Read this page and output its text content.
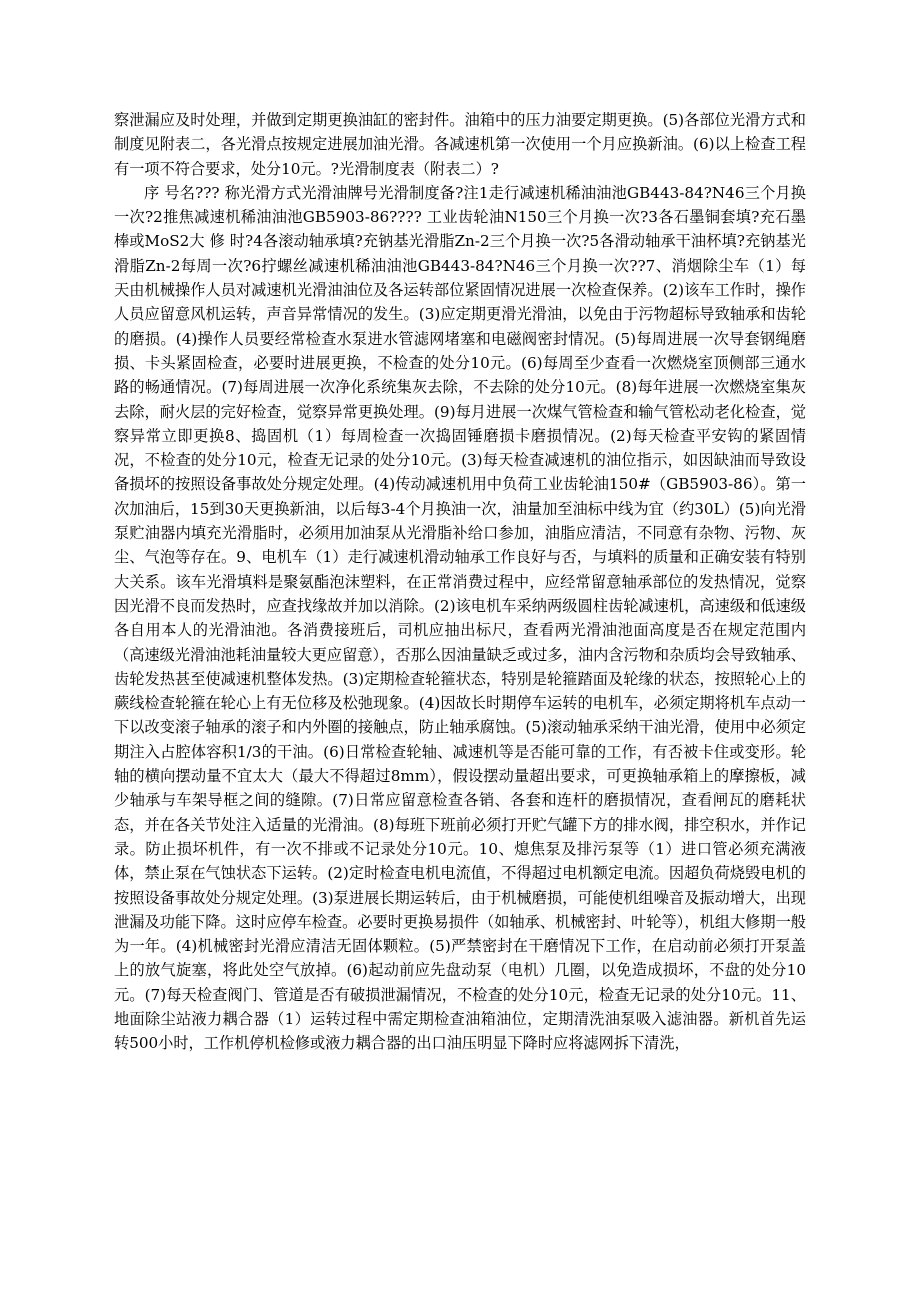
察泄漏应及时处理，并做到定期更换油缸的密封件。油箱中的压力油要定期更换。(5)各部位光滑方式和制度见附表二，各光滑点按规定进展加油光滑。各减速机第一次使用一个月应换新油。(6)以上检查工程有一项不符合要求，处分10元。?光滑制度表（附表二）?

序 号名??? 称光滑方式光滑油牌号光滑制度备?注1走行减速机稀油油池GB443-84?N46三个月换一次?2推焦减速机稀油油池GB5903-86???? 工业齿轮油N150三个月换一次?3各石墨铜套填?充石墨棒或MoS2大 修 时?4各滚动轴承填?充钠基光滑脂Zn-2三个月换一次?5各滑动轴承干油杯填?充钠基光滑脂Zn-2每周一次?6拧螺丝减速机稀油油池GB443-84?N46三个月换一次??7、消烟除尘车（1）每天由机械操作人员对减速机光滑油油位及各运转部位紧固情况进展一次检查保养。(2)该车工作时，操作人员应留意风机运转，声音异常情况的发生。(3)应定期更滑光滑油，以免由于污物超标导致轴承和齿轮的磨损。(4)操作人员要经常检查水泵进水管滤网堵塞和电磁阀密封情况。(5)每周进展一次导套钢绳磨损、卡头紧固检查，必要时进展更换，不检查的处分10元。(6)每周至少查看一次燃烧室顶侧部三通水路的畅通情况。(7)每周进展一次净化系统集灰去除，不去除的处分10元。(8)每年进展一次燃烧室集灰去除，耐火层的完好检查，觉察异常更换处理。(9)每月进展一次煤气管检查和输气管松动老化检查，觉察异常立即更换8、捣固机（1）每周检查一次捣固锤磨损卡磨损情况。(2)每天检查平安钩的紧固情况，不检查的处分10元，检查无记录的处分10元。(3)每天检查减速机的油位指示，如因缺油而导致设备损坏的按照设备事故处分规定处理。(4)传动减速机用中负荷工业齿轮油150#（GB5903-86）。第一次加油后，15到30天更换新油，以后每3-4个月换油一次，油量加至油标中线为宜（约30L）(5)向光滑泵贮油器内填充光滑脂时，必须用加油泵从光滑脂补给口参加，油脂应清洁，不同意有杂物、污物、灰尘、气泡等存在。9、电机车（1）走行减速机滑动轴承工作良好与否，与填料的质量和正确安装有特别大关系。该车光滑填料是聚氨酯泡沫塑料，在正常消费过程中，应经常留意轴承部位的发热情况，觉察因光滑不良而发热时，应查找缘故并加以消除。(2)该电机车采纳两级圆柱齿轮减速机，高速级和低速级各自用本人的光滑油池。各消费接班后，司机应抽出标尺，查看两光滑油池面高度是否在规定范围内（高速级光滑油池耗油量较大更应留意），否那么因油量缺乏或过多，油内含污物和杂质均会导致轴承、齿轮发热甚至使减速机整体发热。(3)定期检查轮箍状态，特别是轮箍踏面及轮缘的状态，按照轮心上的蕨线检查轮箍在轮心上有无位移及松弛现象。(4)因故长时期停车运转的电机车，必须定期将机车点动一下以改变滚子轴承的滚子和内外圈的接触点，防止轴承腐蚀。(5)滚动轴承采纳干油光滑，使用中必须定期注入占腔体容积1/3的干油。(6)日常检查轮轴、减速机等是否能可靠的工作，有否被卡住或变形。轮轴的横向摆动量不宜太大（最大不得超过8mm），假设摆动量超出要求，可更换轴承箱上的摩擦板，减少轴承与车架导框之间的缝隙。(7)日常应留意检查各销、各套和连杆的磨损情况，查看闸瓦的磨耗状态，并在各关节处注入适量的光滑油。(8)每班下班前必须打开贮气罐下方的排水阀，排空积水，并作记录。防止损坏机件，有一次不排或不记录处分10元。10、熄焦泵及排污泵等（1）进口管必须充满液体，禁止泵在气蚀状态下运转。(2)定时检查电机电流值，不得超过电机额定电流。因超负荷烧毁电机的按照设备事故处分规定处理。(3)泵进展长期运转后，由于机械磨损，可能使机组噪音及振动增大，出现泄漏及功能下降。这时应停车检查。必要时更换易损件（如轴承、机械密封、叶轮等），机组大修期一般为一年。(4)机械密封光滑应清洁无固体颗粒。(5)严禁密封在干磨情况下工作，在启动前必须打开泵盖上的放气旋塞，将此处空气放掉。(6)起动前应先盘动泵（电机）几圈，以免造成损坏，不盘的处分10元。(7)每天检查阀门、管道是否有破损泄漏情况，不检查的处分10元，检查无记录的处分10元。11、地面除尘站液力耦合器（1）运转过程中需定期检查油箱油位，定期清洗油泵吸入滤油器。新机首先运转500小时，工作机停机检修或液力耦合器的出口油压明显下降时应将滤网拆下清洗，
